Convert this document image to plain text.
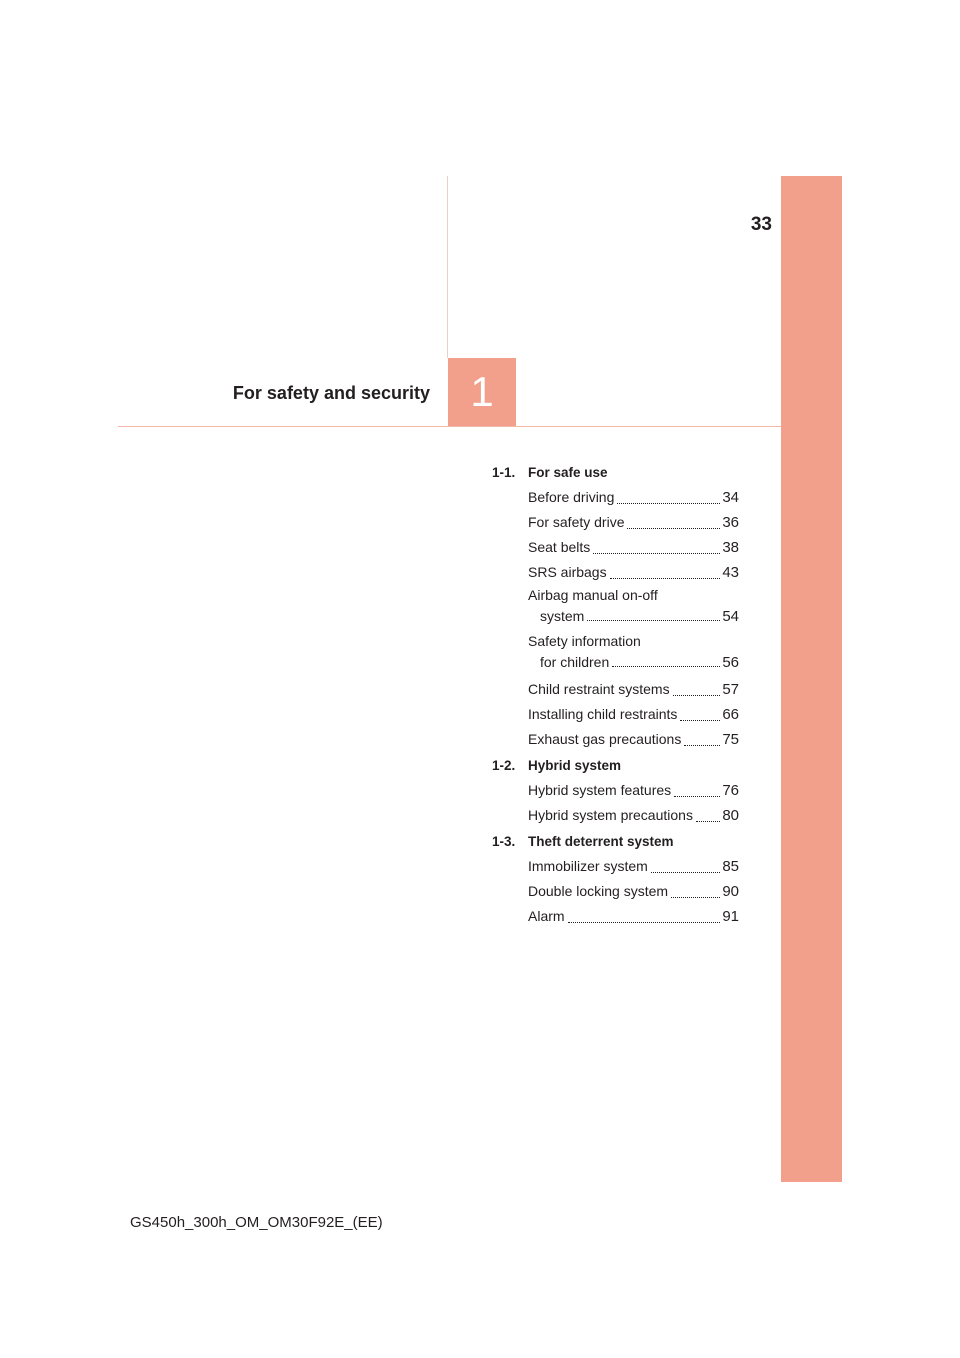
33
For safety and security 1
1-1. For safe use
Before driving	34
For safety drive	36
Seat belts	38
SRS airbags	43
Airbag manual on-off
system	54
Safety information
for children	56
Child restraint systems	57
Installing child restraints	66
Exhaust gas precautions	75
1-2. Hybrid system
Hybrid system features	76
Hybrid system precautions 80
1-3. Theft deterrent system
Immobilizer system	85
Double locking system	90
Alarm	91
GS450h_300h_OM_OM30F92E_(EE)
